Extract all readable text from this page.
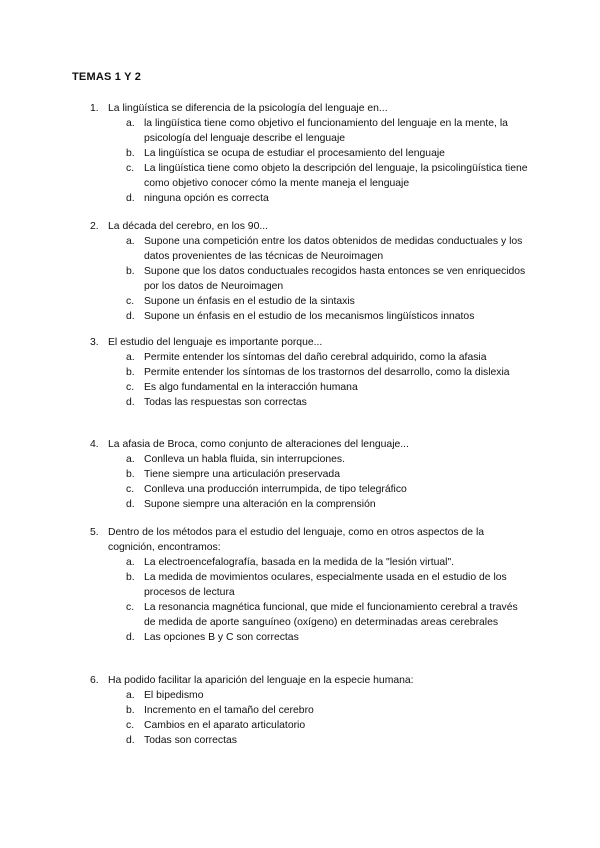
TEMAS 1 Y 2
1. La lingüística se diferencia de la psicología del lenguaje en...
a. la lingüística tiene como objetivo el funcionamiento del lenguaje en la mente, la psicología del lenguaje describe el lenguaje
b. La lingüística se ocupa de estudiar el procesamiento del lenguaje
c. La lingüística tiene como objeto la descripción del lenguaje, la psicolingüística tiene como objetivo conocer cómo la mente maneja el lenguaje
d. ninguna opción es correcta
2. La década del cerebro, en los 90...
a. Supone una competición entre los datos obtenidos de medidas conductuales y los datos provenientes de las técnicas de Neuroimagen
b. Supone que los datos conductuales recogidos hasta entonces se ven enriquecidos por los datos de Neuroimagen
c. Supone un énfasis en el estudio de la sintaxis
d. Supone un énfasis en el estudio de los mecanismos lingüísticos innatos
3. El estudio del lenguaje es importante porque...
a. Permite entender los síntomas del daño cerebral adquirido, como la afasia
b. Permite entender los síntomas de los trastornos del desarrollo, como la dislexia
c. Es algo fundamental en la interacción humana
d. Todas las respuestas son correctas
4. La afasia de Broca, como conjunto de alteraciones del lenguaje...
a. Conlleva un habla fluida, sin interrupciones.
b. Tiene siempre una articulación preservada
c. Conlleva una producción interrumpida, de tipo telegráfico
d. Supone siempre una alteración en la comprensión
5. Dentro de los métodos para el estudio del lenguaje, como en otros aspectos de la cognición, encontramos:
a. La electroencefalografía, basada en la medida de la "lesión virtual".
b. La medida de movimientos oculares, especialmente usada en el estudio de los procesos de lectura
c. La resonancia magnética funcional, que mide el funcionamiento cerebral a través de medida de aporte sanguíneo (oxígeno) en determinadas areas cerebrales
d. Las opciones B y C son correctas
6. Ha podido facilitar la aparición del lenguaje en la especie humana:
a. El bipedismo
b. Incremento en el tamaño del cerebro
c. Cambios en el aparato articulatorio
d. Todas son correctas
